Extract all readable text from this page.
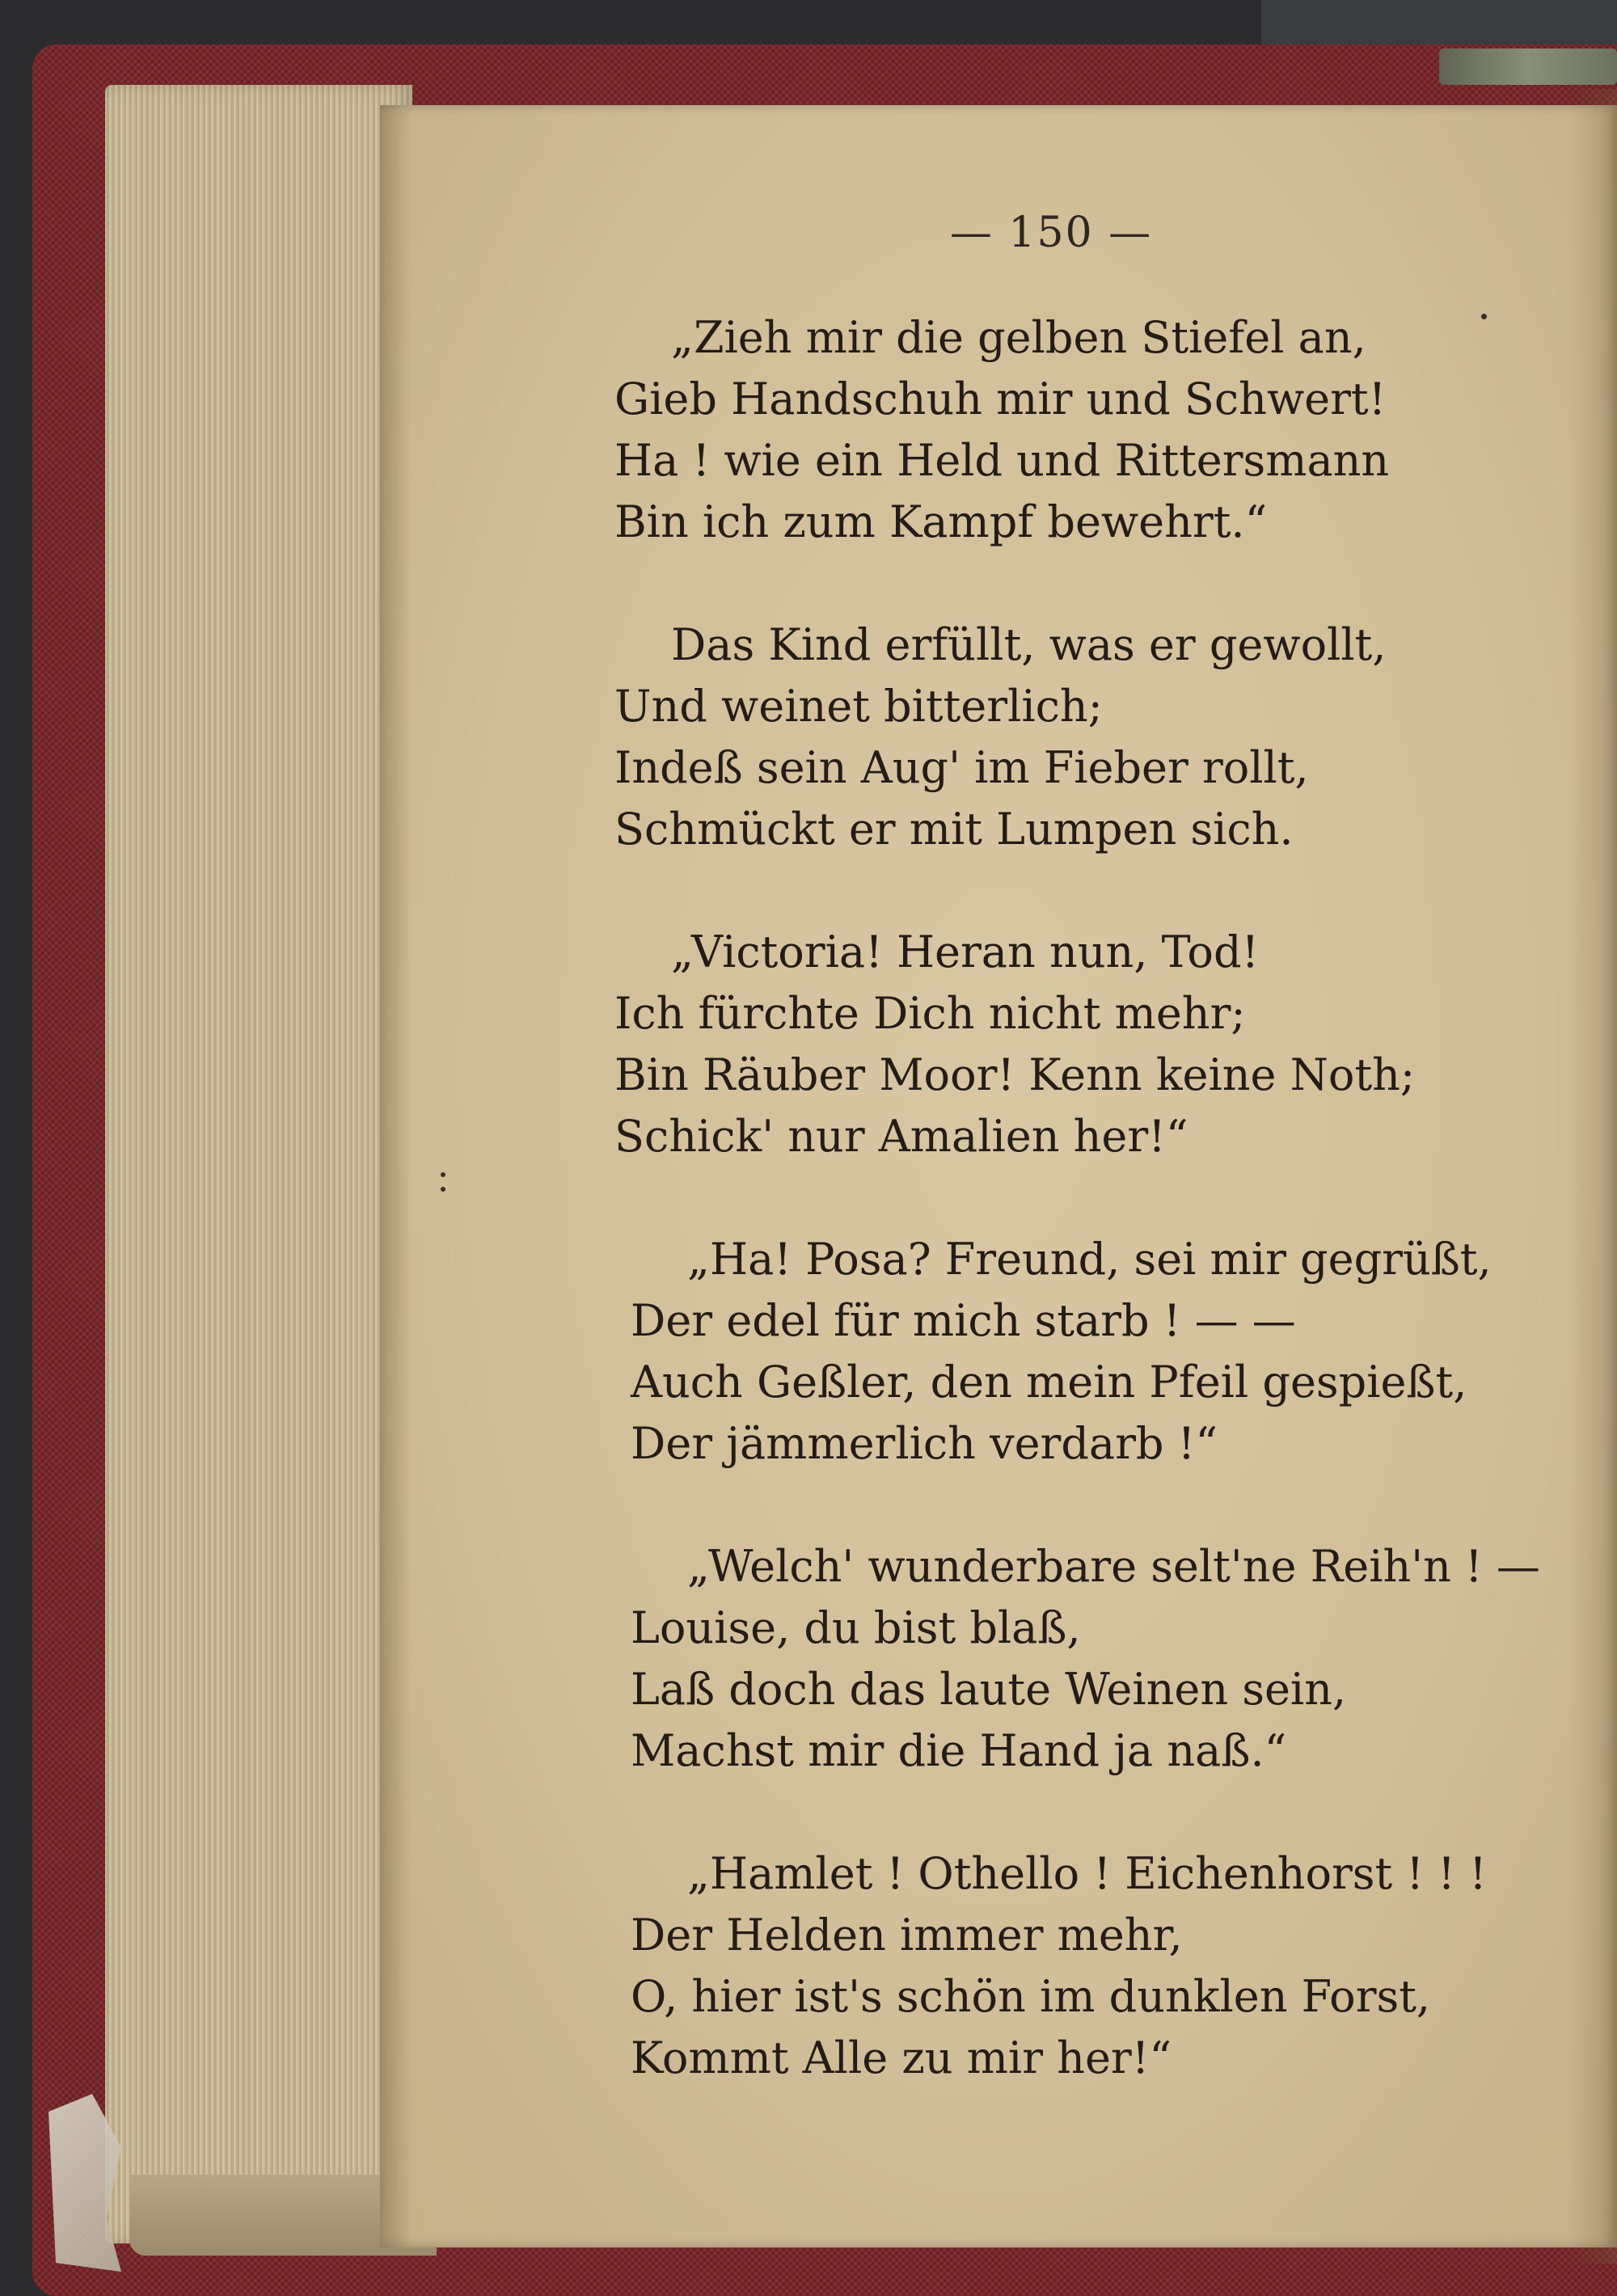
— 150 —
„Zieh mir die gelben Stiefel an,
Gieb Handschuh mir und Schwert!
Ha ! wie ein Held und Rittersmann
Bin ich zum Kampf bewehrt.“
Das Kind erfüllt, was er gewollt,
Und weinet bitterlich;
Indeß sein Aug' im Fieber rollt,
Schmückt er mit Lumpen sich.
„Victoria! Heran nun, Tod!
Ich fürchte Dich nicht mehr;
Bin Räuber Moor! Kenn keine Noth;
Schick' nur Amalien her!“
„Ha! Posa? Freund, sei mir gegrüßt,
Der edel für mich starb ! — —
Auch Geßler, den mein Pfeil gespießt,
Der jämmerlich verdarb !“
„Welch' wunderbare selt'ne Reih'n ! —
Louise, du bist blaß,
Laß doch das laute Weinen sein,
Machst mir die Hand ja naß.“
„Hamlet ! Othello ! Eichenhorst ! ! !
Der Helden immer mehr,
O, hier ist's schön im dunklen Forst,
Kommt Alle zu mir her!“
